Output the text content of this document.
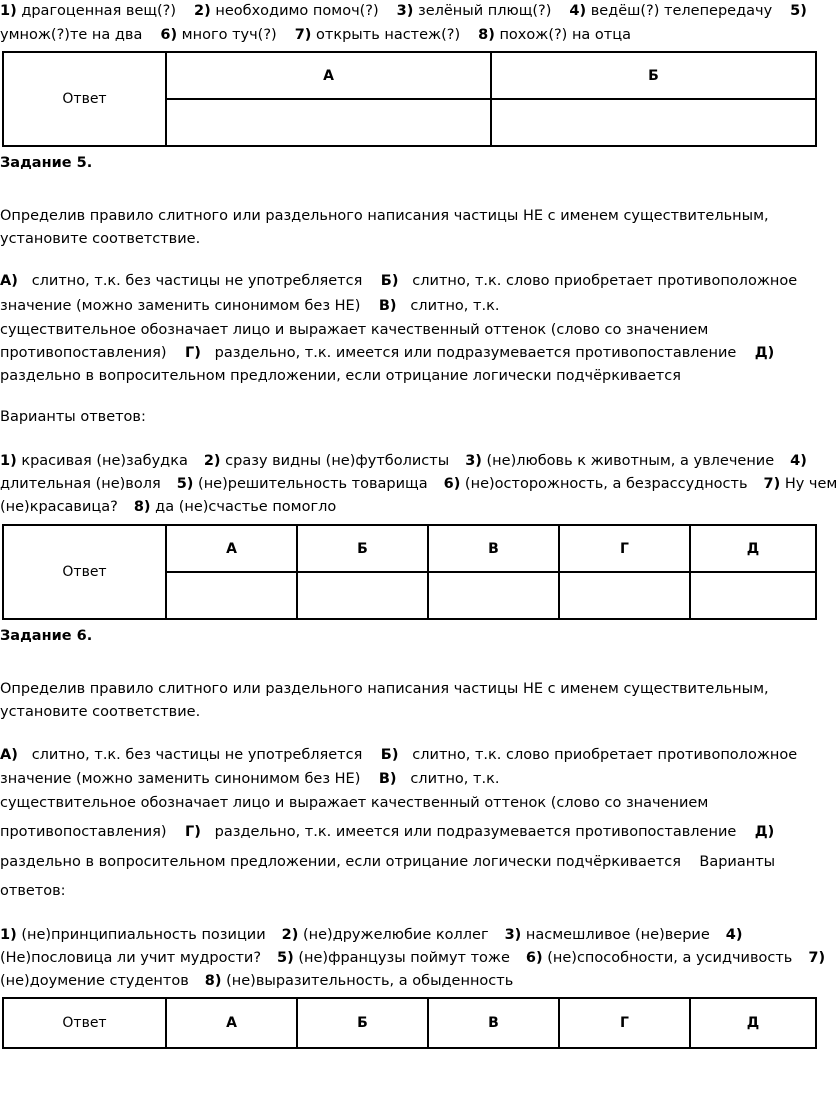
1) драгоценная вещ(?) 2) необходимо помоч(?) 3) зелёный плющ(?) 4) ведёш(?) телепередачу 5)
умнож(?)те на два 6) много туч(?) 7) открыть настеж(?) 8) похож(?) на отца
Ответ	А	Б

Задание 5.
Определив правило слитного или раздельного написания частицы НЕ с именем существительным,
установите соответствие.
А) слитно, т.к. без частицы не употребляется Б) слитно, т.к. слово приобретает противоположное
значение (можно заменить синонимом без НЕ) В) слитно, т.к.
существительное обозначает лицо и выражает качественный оттенок (слово со значением
противопоставления) Г) раздельно, т.к. имеется или подразумевается противопоставление Д)
раздельно в вопросительном предложении, если отрицание логически подчёркивается
Варианты ответов:
1) красивая (не)забудка 2) сразу видны (не)футболисты 3) (не)любовь к животным, а увлечение 4)
длительная (не)воля 5) (не)решительность товарища 6) (не)осторожность, а безрассудность 7) Ну чем
(не)красавица? 8) да (не)счастье помогло
Ответ	А	Б	В	Г	Д

Задание 6.
Определив правило слитного или раздельного написания частицы НЕ с именем существительным,
установите соответствие.
А) слитно, т.к. без частицы не употребляется Б) слитно, т.к. слово приобретает противоположное
значение (можно заменить синонимом без НЕ) В) слитно, т.к.
существительное обозначает лицо и выражает качественный оттенок (слово со значением
противопоставления) Г) раздельно, т.к. имеется или подразумевается противопоставление Д)
раздельно в вопросительном предложении, если отрицание логически подчёркивается Варианты
ответов:
1) (не)принципиальность позиции 2) (не)дружелюбие коллег 3) насмешливое (не)верие 4)
(Не)пословица ли учит мудрости? 5) (не)французы поймут тоже 6) (не)способности, а усидчивость 7)
(не)доумение студентов 8) (не)выразительность, а обыденность
Ответ	А	Б	В	Г	Д
